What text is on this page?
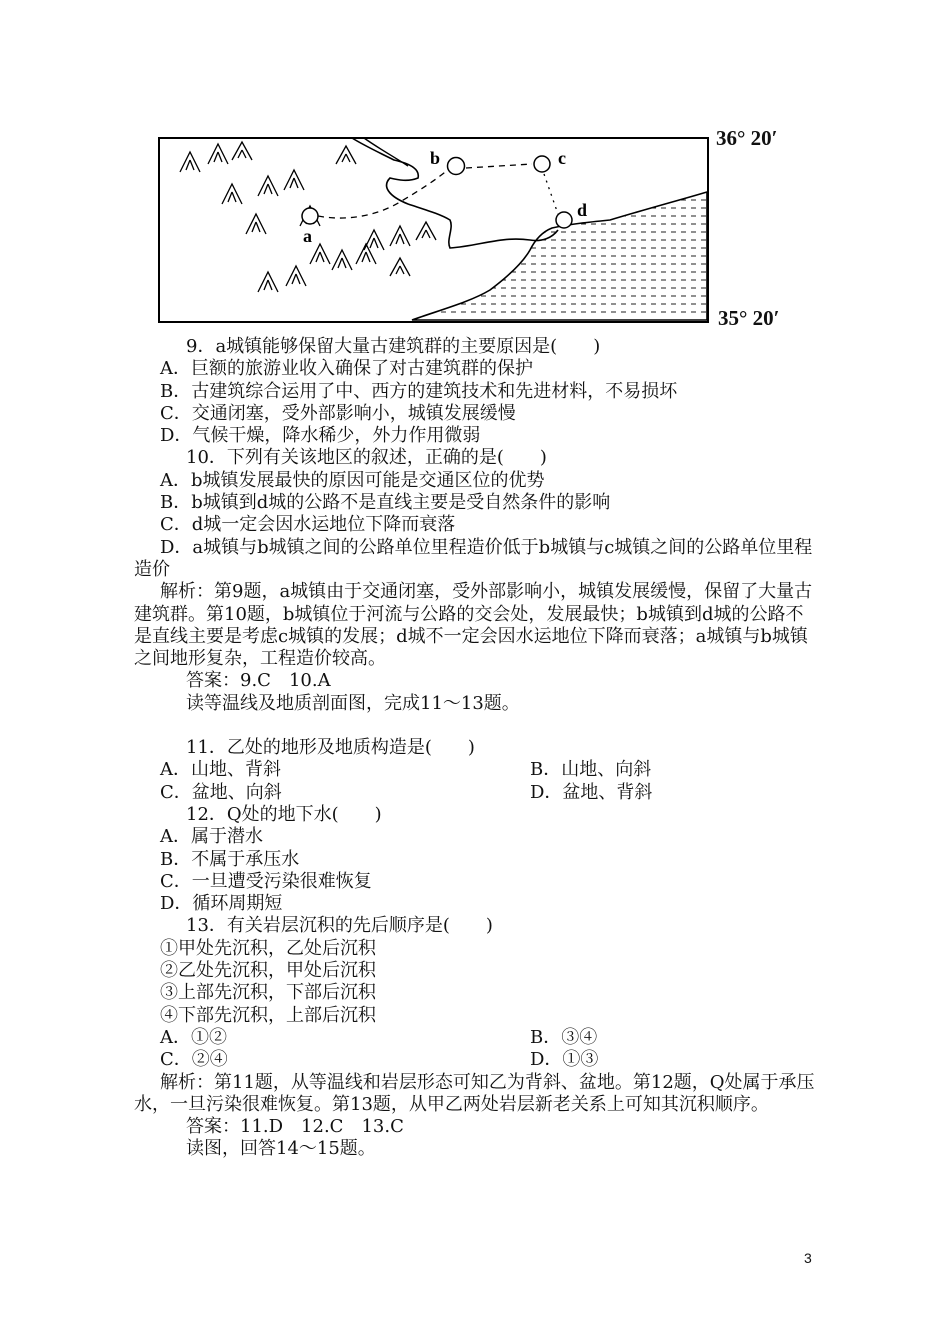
a
b	c
d
36° 20′
35° 20′
9．a城镇能够保留大量古建筑群的主要原因是(　　)
A．巨额的旅游业收入确保了对古建筑群的保护
B．古建筑综合运用了中、西方的建筑技术和先进材料，不易损坏
C．交通闭塞，受外部影响小，城镇发展缓慢
D．气候干燥，降水稀少，外力作用微弱
10．下列有关该地区的叙述，正确的是(　　)
A．b城镇发展最快的原因可能是交通区位的优势
B．b城镇到d城的公路不是直线主要是受自然条件的影响
C．d城一定会因水运地位下降而衰落
D．a城镇与b城镇之间的公路单位里程造价低于b城镇与c城镇之间的公路单位里程造价
解析：第9题，a城镇由于交通闭塞，受外部影响小，城镇发展缓慢，保留了大量古建筑群。第10题，b城镇位于河流与公路的交会处，发展最快；b城镇到d城的公路不是直线主要是考虑c城镇的发展；d城不一定会因水运地位下降而衰落；a城镇与b城镇之间地形复杂，工程造价较高。
答案：9.C　10.A
读等温线及地质剖面图，完成11～13题。
11．乙处的地形及地质构造是(　　)
A．山地、背斜	B．山地、向斜
C．盆地、向斜	D．盆地、背斜
12．Q处的地下水(　　)
A．属于潜水
B．不属于承压水
C．一旦遭受污染很难恢复
D．循环周期短
13．有关岩层沉积的先后顺序是(　　)
①甲处先沉积，乙处后沉积
②乙处先沉积，甲处后沉积
③上部先沉积，下部后沉积
④下部先沉积，上部后沉积
A．①②	B．③④
C．②④	D．①③
解析：第11题，从等温线和岩层形态可知乙为背斜、盆地。第12题，Q处属于承压水，一旦污染很难恢复。第13题，从甲乙两处岩层新老关系上可知其沉积顺序。
答案：11.D　12.C　13.C
读图，回答14～15题。
3
